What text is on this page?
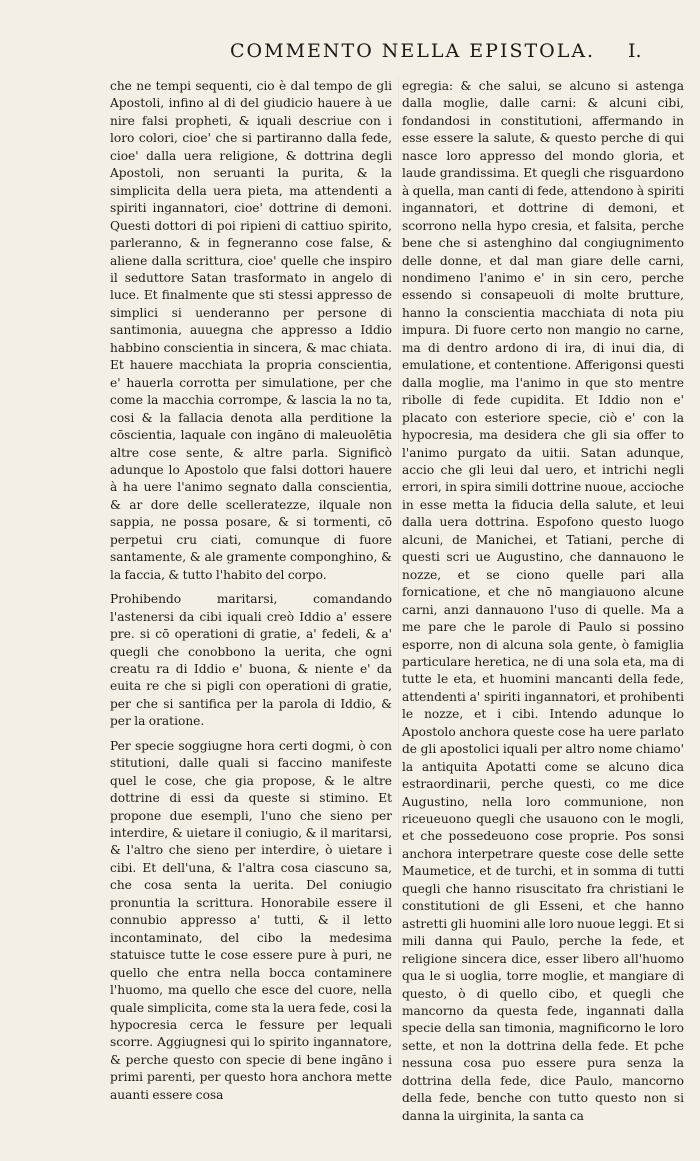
COMMENTO NELLA EPISTOLA. I.

che ne tempi sequenti, cio è dal tempo de gli Apostoli, infino al di del giudicio hauere à ue nire falsi propheti, & iquali descriue con i loro colori, cioe' che si partiranno dalla fede, cioe' dalla uera religione, & dottrina degli Apostoli, non seruanti la purita, & la simplicita della uera pieta, ma attendenti a spiriti ingannatori, cioe' dottrine di demoni. Questi dottori di poi ripieni di cattiuo spirito, parleranno, & in fegneranno cose false, & aliene dalla scrittura, cioe' quelle che inspiro il seduttore Satan trasformato in angelo di luce. Et finalmente que sti stessi appresso de simplici si uenderanno per persone di santimonia, auuegna che appresso a Iddio habbino conscientia in sincera, & mac chiata. Et hauere macchiata la propria conscientia, e' hauerla corrotta per simulatione, per che come la macchia corrompe, & lascia la no ta, cosi & la fallacia denota alla perditione la cōscientia, laquale con ingāno di maleuolētia altre cose sente, & altre parla. Significò adunque lo Apostolo que falsi dottori hauere à ha uere l'animo segnato dalla conscientia, & ar dore delle scelleratezze, ilquale non sappia, ne possa posare, & si tormenti, cō perpetui cru ciati, comunque di fuore santamente, & ale gramente componghino, & la faccia, & tutto l'habito del corpo.

Prohibendo maritarsi, comandando l'astenersi da cibi iquali creò Iddio a' essere pre. si cō operationi di gratie, a' fedeli, & a' quegli che conobbono la uerita, che ogni creatu ra di Iddio e' buona, & niente e' da euita re che si pigli con operationi di gratie, per che si santifica per la parola di Iddio, & per la oratione.

Per specie soggiugne hora certi dogmi, ò con stitutioni, dalle quali si faccino manifeste quel le cose, che gia propose, & le altre dottrine di essi da queste si stimino. Et propone due esempli, l'uno che sieno per interdire, & uietare il coniugio, & il maritarsi, & l'altro che sieno per interdire, ò uietare i cibi. Et dell'una, & l'altra cosa ciascuno sa, che cosa senta la uerita. Del coniugio pronuntia la scrittura. Honorabile essere il connubio appresso a' tutti, & il letto incontaminato, del cibo la medesima statuisce tutte le cose essere pure à puri, ne quello che entra nella bocca contaminere l'huomo, ma quello che esce del cuore, nella quale simplicita, come sta la uera fede, cosi la hypocresia cerca le fessure per lequali scorre. Aggiugnesi qui lo spirito ingannatore, & perche questo con specie di bene ingāno i primi parenti, per questo hora anchora mette auanti essere cosa

egregia: & che salui, se alcuno si astenga dalla moglie, dalle carni: & alcuni cibi, fondandosi in constitutioni, affermando in esse essere la salute, & questo perche di qui nasce loro appresso del mondo gloria, et laude grandissima. Et quegli che risguardono à quella, man canti di fede, attendono à spiriti ingannatori, et dottrine di demoni, et scorrono nella hypo cresia, et falsita, perche bene che si astenghino dal congiugnimento delle donne, et dal man giare delle carni, nondimeno l'animo e' in sin cero, perche essendo si consapeuoli di molte brutture, hanno la conscientia macchiata di nota piu impura. Di fuore certo non mangio no carne, ma di dentro ardono di ira, di inui dia, di emulatione, et contentione. Afferigonsi questi dalla moglie, ma l'animo in que sto mentre ribolle di fede cupidita. Et Iddio non e' placato con esteriore specie, ciò e' con la hypocresia, ma desidera che gli sia offer to l'animo purgato da uitii. Satan adunque, accio che gli leui dal uero, et intrichi negli errori, in spira simili dottrine nuoue, accioche in esse metta la fiducia della salute, et leui dalla uera dottrina. Espofono questo luogo alcuni, de Manichei, et Tatiani, perche di questi scri ue Augustino, che dannauono le nozze, et se ciono quelle pari alla fornicatione, et che nō mangiauono alcune carni, anzi dannauono l'uso di quelle. Ma a me pare che le parole di Paulo si possino esporre, non di alcuna sola gente, ò famiglia particulare heretica, ne di una sola eta, ma di tutte le eta, et huomini mancanti della fede, attendenti a' spiriti ingannatori, et prohibenti le nozze, et i cibi. Intendo adunque lo Apostolo anchora queste cose ha uere parlato de gli apostolici iquali per altro nome chiamo' la antiquita Apotatti come se alcuno dica estraordinarii, perche questi, co me dice Augustino, nella loro communione, non riceueuono quegli che usauono con le mogli, et che possedeuono cose proprie. Pos sonsi anchora interpetrare queste cose delle sette Maumetice, et de turchi, et in somma di tutti quegli che hanno risuscitato fra christiani le constitutioni de gli Esseni, et che hanno astretti gli huomini alle loro nuoue leggi. Et si mili danna qui Paulo, perche la fede, et religione sincera dice, esser libero all'huomo qua le si uoglia, torre moglie, et mangiare di questo, ò di quello cibo, et quegli che mancorno da questa fede, ingannati dalla specie della san timonia, magnificorno le loro sette, et non la dottrina della fede. Et pche nessuna cosa puo essere pura senza la dottrina della fede, dice Paulo, mancorno della fede, benche con tutto questo non si danna la uirginita, la santa ca
